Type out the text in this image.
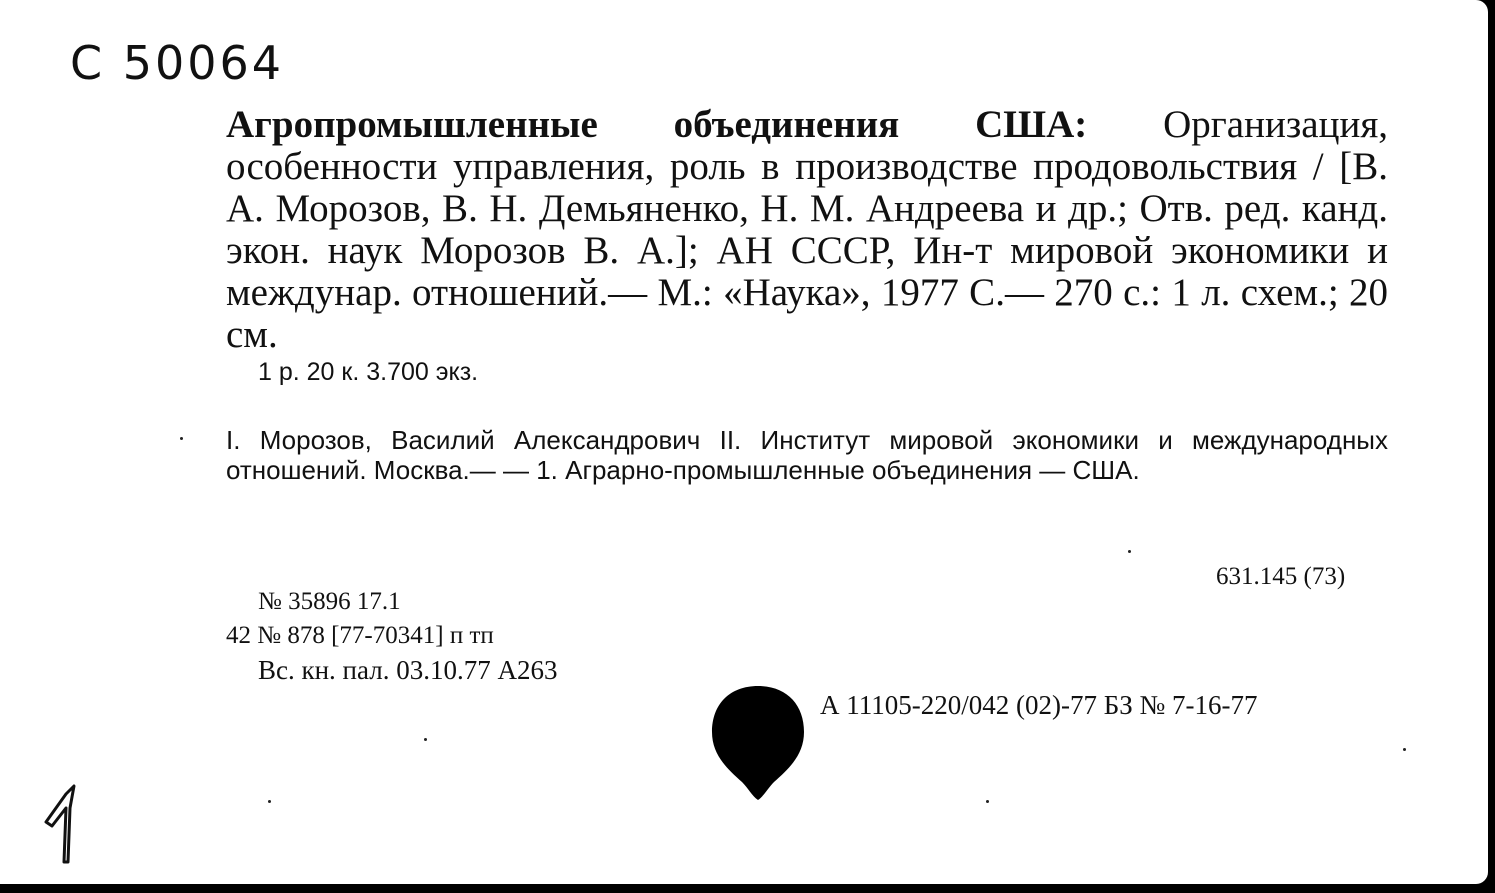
С 50064
Агропромышленные объединения США: Организация, особенности управления, роль в производстве продовольствия / [В. А. Морозов, В. Н. Демьяненко, Н. М. Андреева и др.; Отв. ред. канд. экон. наук Морозов В. А.]; АН СССР, Ин-т мировой экономики и междунар. отношений.— М.: «Наука», 1977 С.— 270 с.: 1 л. схем.; 20 см.
1 р. 20 к. 3.700 экз.
I. Морозов, Василий Александрович II. Институт мировой экономики и международных отношений. Москва.— — 1. Аграрно-промышленные объединения — США.
631.145 (73)
№ 35896 17.1
42 № 878 [77-70341] п тп
Вс. кн. пал. 03.10.77 А263
А 11105-220/042 (02)-77 БЗ № 7-16-77
